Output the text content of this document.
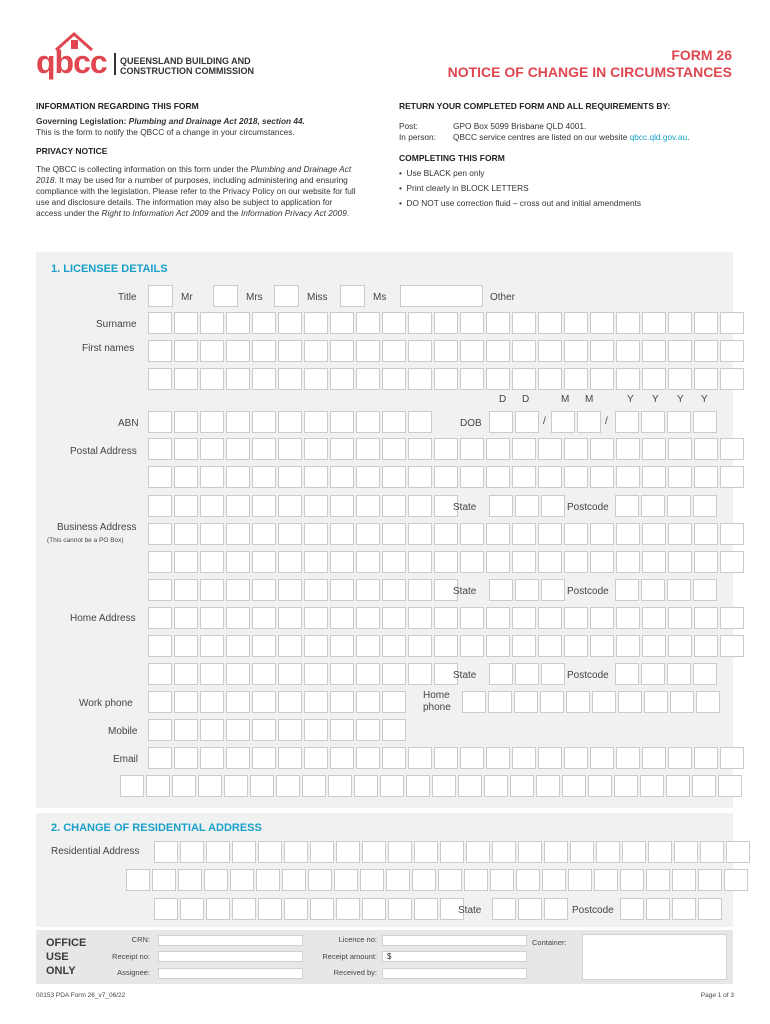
qbcc QUEENSLAND BUILDING AND
CONSTRUCTION COMMISSION
FORM 26
NOTICE OF CHANGE IN CIRCUMSTANCES
INFORMATION REGARDING THIS FORM
Governing Legislation: Plumbing and Drainage Act 2018, section 44.
This is the form to notify the QBCC of a change in your circumstances.
PRIVACY NOTICE
The QBCC is collecting information on this form under the Plumbing and Drainage Act 2018. It may be used for a number of purposes, including administering and ensuring compliance with the legislation. Please refer to the Privacy Policy on our website for full use and disclosure details. The information may also be subject to application for access under the Right to Information Act 2009 and the Information Privacy Act 2009.
RETURN YOUR COMPLETED FORM AND ALL REQUIREMENTS BY:
Post:	GPO Box 5099 Brisbane QLD 4001.
In person: QBCC service centres are listed on our website qbcc.qld.gov.au.
COMPLETING THIS FORM
•  Use BLACK pen only
•  Print clearly in BLOCK LETTERS
•  DO NOT use correction fluid – cross out and initial amendments
1. LICENSEE DETAILS
Title	Mr	Mrs	Miss	Ms	Other
Surname
First names
D D	M M	Y Y Y Y
ABN	DOB	/	/
Postal Address
State	Postcode
Business Address
(This cannot be a PO Box)
State	Postcode
Home Address
State	Postcode
Work phone
Home
phone
Mobile
Email
2. CHANGE OF RESIDENTIAL ADDRESS
Residential Address
State	Postcode
OFFICE
USE
ONLY
CRN:
Receipt no:
Assignee:
Licence no:
Receipt amount:	$
Received by:
Container:
00153 PDA Form 26_v7_06/22	Page 1 of 3
